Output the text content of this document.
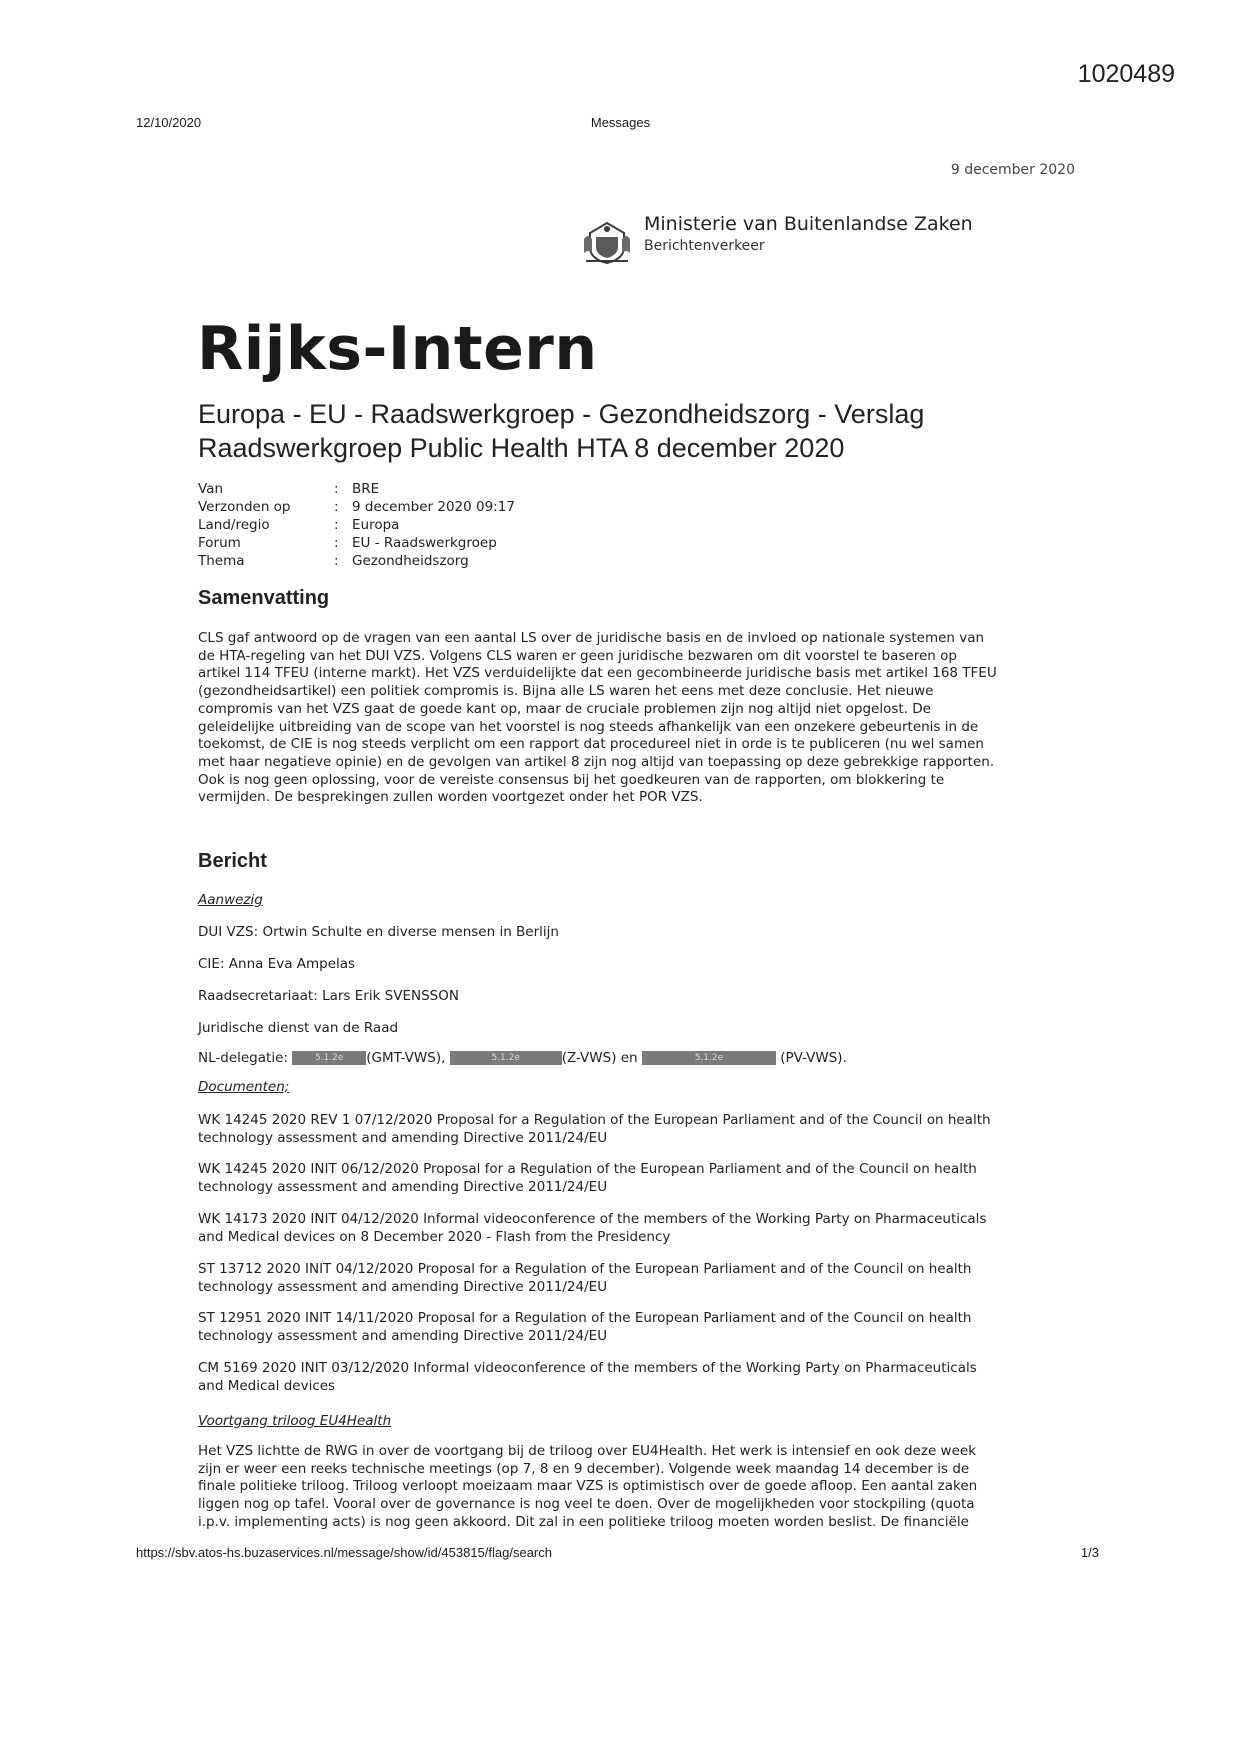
1020489
12/10/2020	Messages
9 december 2020
Ministerie van Buitenlandse Zaken
Berichtenverkeer
Rijks-Intern
Europa - EU - Raadswerkgroep - Gezondheidszorg - Verslag
Raadswerkgroep Public Health HTA 8 december 2020
Van	:	BRE
Verzonden op	:	9 december 2020 09:17
Land/regio	:	Europa
Forum	:	EU - Raadswerkgroep
Thema	:	Gezondheidszorg
Samenvatting
CLS gaf antwoord op de vragen van een aantal LS over de juridische basis en de invloed op nationale systemen van
de HTA-regeling van het DUI VZS. Volgens CLS waren er geen juridische bezwaren om dit voorstel te baseren op
artikel 114 TFEU (interne markt). Het VZS verduidelijkte dat een gecombineerde juridische basis met artikel 168 TFEU
(gezondheidsartikel) een politiek compromis is. Bijna alle LS waren het eens met deze conclusie. Het nieuwe
compromis van het VZS gaat de goede kant op, maar de cruciale problemen zijn nog altijd niet opgelost. De
geleidelijke uitbreiding van de scope van het voorstel is nog steeds afhankelijk van een onzekere gebeurtenis in de
toekomst, de CIE is nog steeds verplicht om een rapport dat procedureel niet in orde is te publiceren (nu wel samen
met haar negatieve opinie) en de gevolgen van artikel 8 zijn nog altijd van toepassing op deze gebrekkige rapporten.
Ook is nog geen oplossing, voor de vereiste consensus bij het goedkeuren van de rapporten, om blokkering te
vermijden. De besprekingen zullen worden voortgezet onder het POR VZS.
Bericht
Aanwezig
DUI VZS: Ortwin Schulte en diverse mensen in Berlijn
CIE: Anna Eva Ampelas
Raadsecretariaat: Lars Erik SVENSSON
Juridische dienst van de Raad
NL-delegatie:	5.1.2e (GMT-VWS),	5.1.2e	(Z-VWS) en	5.1.2e	(PV-VWS).
Documenten;
WK 14245 2020 REV 1 07/12/2020 Proposal for a Regulation of the European Parliament and of the Council on health
technology assessment and amending Directive 2011/24/EU
WK 14245 2020 INIT 06/12/2020 Proposal for a Regulation of the European Parliament and of the Council on health
technology assessment and amending Directive 2011/24/EU
WK 14173 2020 INIT 04/12/2020 Informal videoconference of the members of the Working Party on Pharmaceuticals
and Medical devices on 8 December 2020 - Flash from the Presidency
ST 13712 2020 INIT 04/12/2020 Proposal for a Regulation of the European Parliament and of the Council on health
technology assessment and amending Directive 2011/24/EU
ST 12951 2020 INIT 14/11/2020 Proposal for a Regulation of the European Parliament and of the Council on health
technology assessment and amending Directive 2011/24/EU
CM 5169 2020 INIT 03/12/2020 Informal videoconference of the members of the Working Party on Pharmaceuticals
and Medical devices
Voortgang triloog EU4Health
Het VZS lichtte de RWG in over de voortgang bij de triloog over EU4Health. Het werk is intensief en ook deze week
zijn er weer een reeks technische meetings (op 7, 8 en 9 december). Volgende week maandag 14 december is de
finale politieke triloog. Triloog verloopt moeizaam maar VZS is optimistisch over de goede afloop. Een aantal zaken
liggen nog op tafel. Vooral over de governance is nog veel te doen. Over de mogelijkheden voor stockpiling (quota
i.p.v. implementing acts) is nog geen akkoord. Dit zal in een politieke triloog moeten worden beslist. De financiële
https://sbv.atos-hs.buzaservices.nl/message/show/id/453815/flag/search	1/3
